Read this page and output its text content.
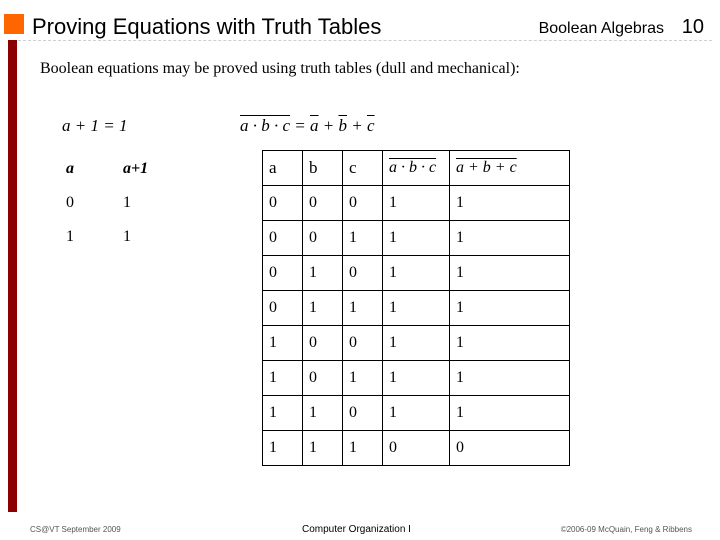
Proving Equations with Truth Tables	Boolean Algebras 10
Boolean equations may be proved using truth tables (dull and mechanical):
a + 1 = 1	$a \cdot b \cdot c = \overline{a} + \overline{b} + \overline{c}$
a	a+1
0	1
1	1
a	b	c	a · b · c	a + b + c
0	0	0	1	1
0	0	1	1	1
0	1	0	1	1
0	1	1	1	1
1	0	0	1	1
1	0	1	1	1
1	1	0	1	1
1	1	1	0	0
CS@VT September 2009	Computer Organization I	©2006-09 McQuain, Feng & Ribbens
